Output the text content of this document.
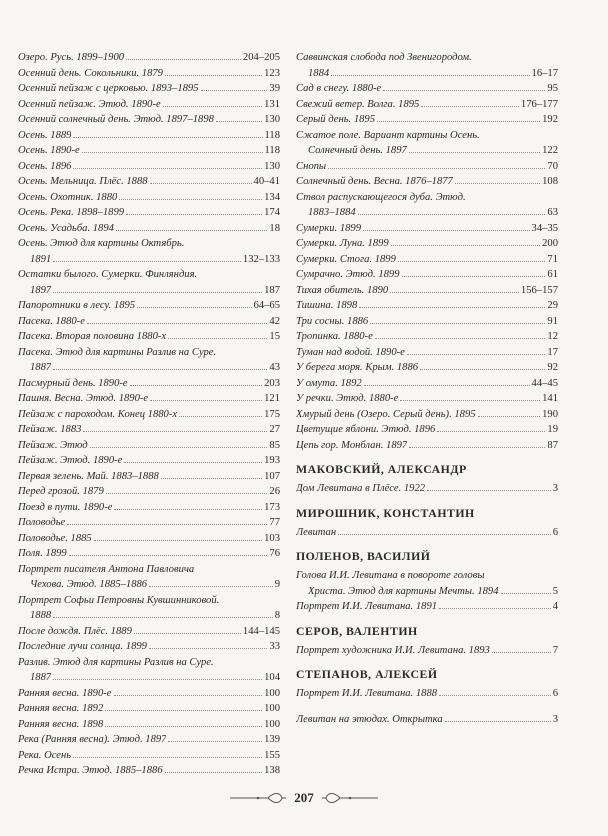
Озеро. Русь. 1899–1900	204–205
Осенний день. Сокольники. 1879	123
Осенний пейзаж с церковью. 1893–1895	39
Осенний пейзаж. Этюд. 1890-е	131
Осенний солнечный день. Этюд. 1897–1898	130
Осень. 1889	118
Осень. 1890-е	118
Осень. 1896	130
Осень. Мельница. Плёс. 1888	40–41
Осень. Охотник. 1880	134
Осень. Река. 1898–1899	174
Осень. Усадьба. 1894	18
Осень. Этюд для картины Октябрь.
1891	132–133
Остатки былого. Сумерки. Финляндия.
1897	187
Папоротники в лесу. 1895	64–65
Пасека. 1880-е	42
Пасека. Вторая половина 1880-х	15
Пасека. Этюд для картины Разлив на Суре.
1887	43
Пасмурный день. 1890-е	203
Пашня. Весна. Этюд. 1890-е	121
Пейзаж с пароходом. Конец 1880-х	175
Пейзаж. 1883	27
Пейзаж. Этюд	85
Пейзаж. Этюд. 1890-е	193
Первая зелень. Май. 1883–1888	107
Перед грозой. 1879	26
Поезд в пути. 1890-е	173
Половодье	77
Половодье. 1885	103
Поля. 1899	76
Портрет писателя Антона Павловича
Чехова. Этюд. 1885–1886	9
Портрет Софьи Петровны Кувшинниковой.
1888	8
После дождя. Плёс. 1889	144–145
Последние лучи солнца. 1899	33
Разлив. Этюд для картины Разлив на Суре.
1887	104
Ранняя весна. 1890-е	100
Ранняя весна. 1892	100
Ранняя весна. 1898	100
Река (Ранняя весна). Этюд. 1897	139
Река. Осень	155
Речка Истра. Этюд. 1885–1886	138
Саввинская слобода под Звенигородом.
1884	16–17
Сад в снегу. 1880-е	95
Свежий ветер. Волга. 1895	176–177
Серый день. 1895	192
Сжатое поле. Вариант картины Осень.
Солнечный день. 1897	122
Снопы	70
Солнечный день. Весна. 1876–1877	108
Ствол распускающегося дуба. Этюд.
1883–1884	63
Сумерки. 1899	34–35
Сумерки. Луна. 1899	200
Сумерки. Стога. 1899	71
Сумрачно. Этюд. 1899	61
Тихая обитель. 1890	156–157
Тишина. 1898	29
Три сосны. 1886	91
Тропинка. 1880-е	12
Туман над водой. 1890-е	17
У берега моря. Крым. 1886	92
У омута. 1892	44–45
У речки. Этюд. 1880-е	141
Хмурый день (Озеро. Серый день). 1895	190
Цветущие яблони. Этюд. 1896	19
Цепь гор. Монблан. 1897	87
МАКОВСКИЙ, АЛЕКСАНДР
Дом Левитана в Плёсе. 1922	3
МИРОШНИК, КОНСТАНТИН
Левитан	6
ПОЛЕНОВ, ВАСИЛИЙ
Голова И.И. Левитана в повороте головы
Христа. Этюд для картины Мечты. 1894	5
Портрет И.И. Левитана. 1891	4
СЕРОВ, ВАЛЕНТИН
Портрет художника И.И. Левитана. 1893	7
СТЕПАНОВ, АЛЕКСЕЙ
Портрет И.И. Левитана. 1888	6
Левитан на этюдах. Открытка	3
207
